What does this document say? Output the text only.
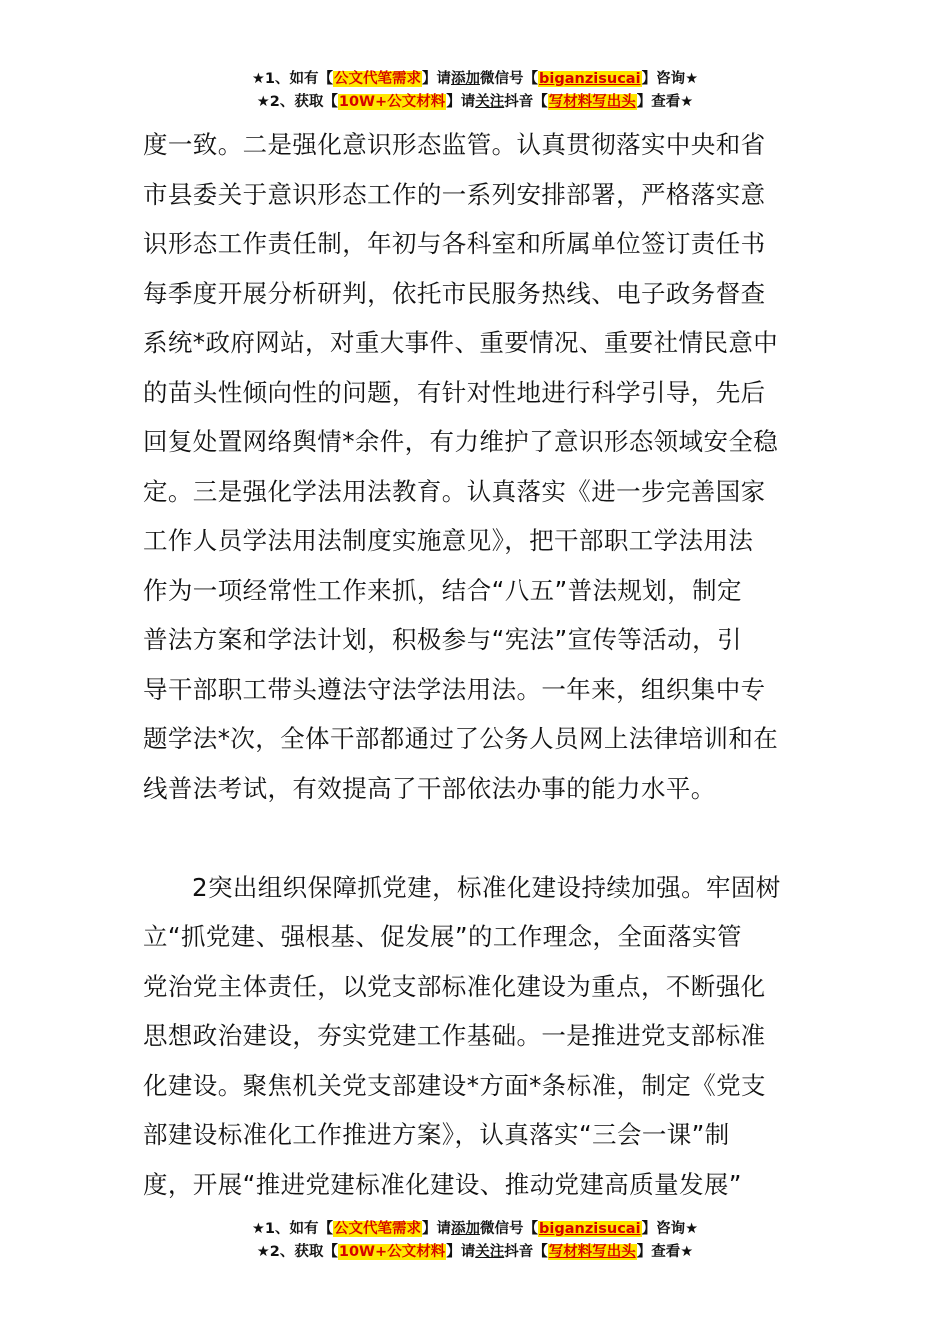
★1、如有【公文代笔需求】请添加微信号【biganzisucai】咨询★
★2、获取【10W+公文材料】请关注抖音【写材料写出头】查看★
度一致。二是强化意识形态监管。认真贯彻落实中央和省
市县委关于意识形态工作的一系列安排部署，严格落实意
识形态工作责任制，年初与各科室和所属单位签订责任书
每季度开展分析研判，依托市民服务热线、电子政务督查
系统*政府网站，对重大事件、重要情况、重要社情民意中
的苗头性倾向性的问题，有针对性地进行科学引导，先后
回复处置网络舆情*余件，有力维护了意识形态领域安全稳
定。三是强化学法用法教育。认真落实《进一步完善国家
工作人员学法用法制度实施意见》，把干部职工学法用法
作为一项经常性工作来抓，结合“八五”普法规划，制定
普法方案和学法计划，积极参与“宪法”宣传等活动，引
导干部职工带头遵法守法学法用法。一年来，组织集中专
题学法*次，全体干部都通过了公务人员网上法律培训和在
线普法考试，有效提高了干部依法办事的能力水平。
2突出组织保障抓党建，标准化建设持续加强。牢固树
立“抓党建、强根基、促发展”的工作理念，全面落实管
党治党主体责任，以党支部标准化建设为重点，不断强化
思想政治建设，夯实党建工作基础。一是推进党支部标准
化建设。聚焦机关党支部建设*方面*条标准，制定《党支
部建设标准化工作推进方案》，认真落实“三会一课”制
度，开展“推进党建标准化建设、推动党建高质量发展”
★1、如有【公文代笔需求】请添加微信号【biganzisucai】咨询★
★2、获取【10W+公文材料】请关注抖音【写材料写出头】查看★
